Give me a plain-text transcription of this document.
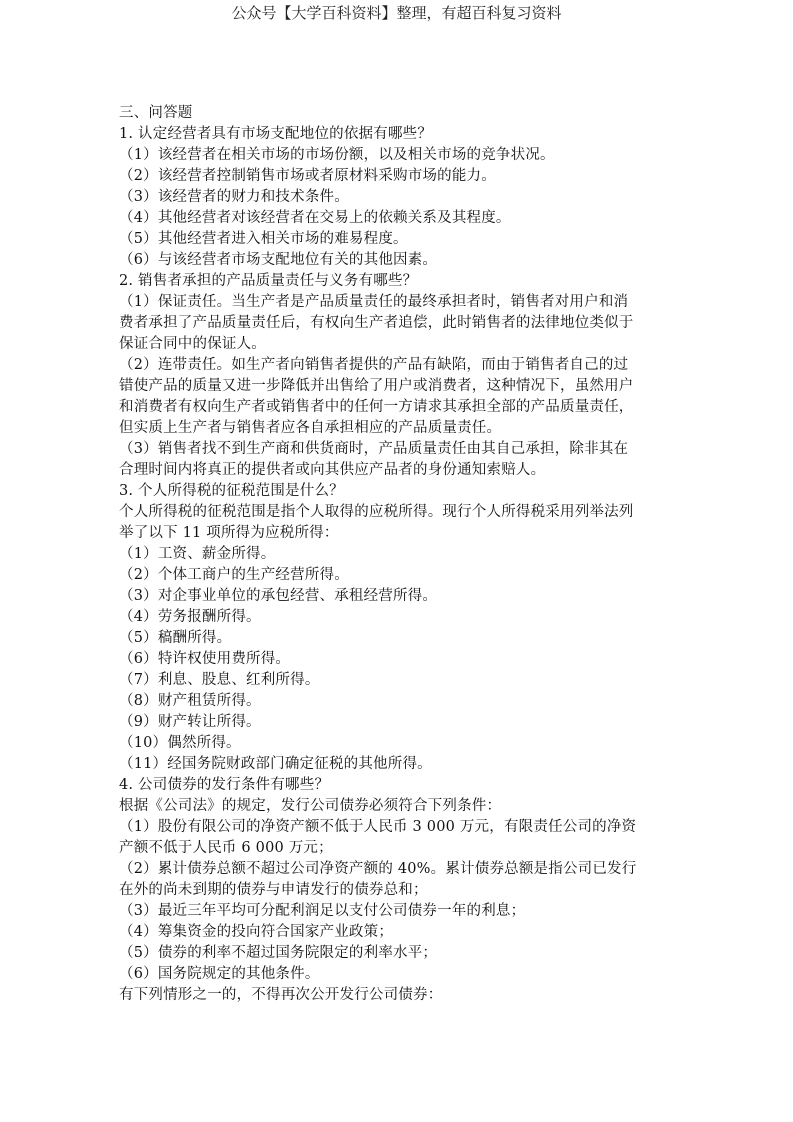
公众号【大学百科资料】整理，有超百科复习资料
三、问答题
1. 认定经营者具有市场支配地位的依据有哪些？
（1）该经营者在相关市场的市场份额，以及相关市场的竞争状况。
（2）该经营者控制销售市场或者原材料采购市场的能力。
（3）该经营者的财力和技术条件。
（4）其他经营者对该经营者在交易上的依赖关系及其程度。
（5）其他经营者进入相关市场的难易程度。
（6）与该经营者市场支配地位有关的其他因素。
2. 销售者承担的产品质量责任与义务有哪些？
（1）保证责任。当生产者是产品质量责任的最终承担者时，销售者对用户和消
费者承担了产品质量责任后，有权向生产者追偿，此时销售者的法律地位类似于
保证合同中的保证人。
（2）连带责任。如生产者向销售者提供的产品有缺陷，而由于销售者自己的过
错使产品的质量又进一步降低并出售给了用户或消费者，这种情况下，虽然用户
和消费者有权向生产者或销售者中的任何一方请求其承担全部的产品质量责任，
但实质上生产者与销售者应各自承担相应的产品质量责任。
（3）销售者找不到生产商和供货商时，产品质量责任由其自己承担，除非其在
合理时间内将真正的提供者或向其供应产品者的身份通知索赔人。
3. 个人所得税的征税范围是什么？
个人所得税的征税范围是指个人取得的应税所得。现行个人所得税采用列举法列
举了以下 11 项所得为应税所得：
（1）工资、薪金所得。
（2）个体工商户的生产经营所得。
（3）对企事业单位的承包经营、承租经营所得。
（4）劳务报酬所得。
（5）稿酬所得。
（6）特许权使用费所得。
（7）利息、股息、红利所得。
（8）财产租赁所得。
（9）财产转让所得。
（10）偶然所得。
（11）经国务院财政部门确定征税的其他所得。
4. 公司债券的发行条件有哪些？
根据《公司法》的规定，发行公司债券必须符合下列条件：
（1）股份有限公司的净资产额不低于人民币 3 000 万元，有限责任公司的净资
产额不低于人民币 6 000 万元；
（2）累计债券总额不超过公司净资产额的 40%。累计债券总额是指公司已发行
在外的尚未到期的债券与申请发行的债券总和；
（3）最近三年平均可分配利润足以支付公司债券一年的利息；
（4）筹集资金的投向符合国家产业政策；
（5）债券的利率不超过国务院限定的利率水平；
（6）国务院规定的其他条件。
有下列情形之一的，不得再次公开发行公司债券：
